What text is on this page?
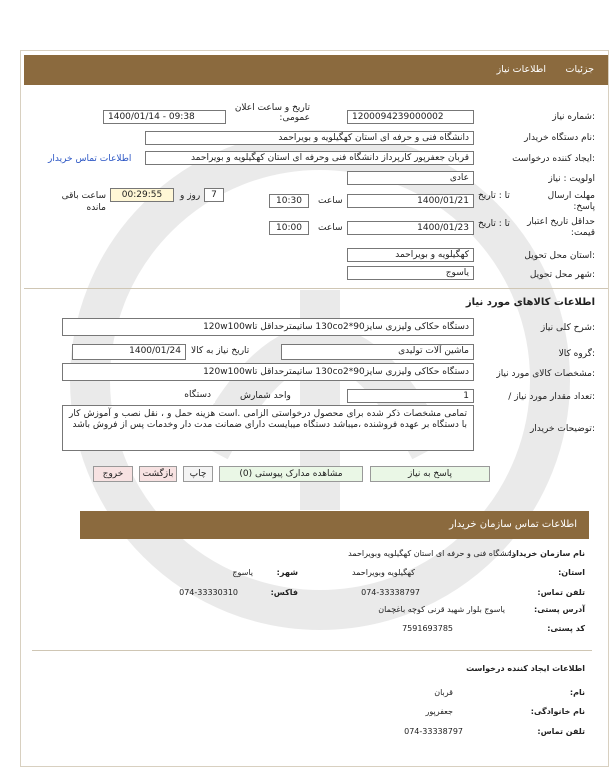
جزئیات
اطلاعات نیاز
شماره نیاز:
1200094239000002
تاریخ و ساعت اعلان عمومی:
1400/01/14 - 09:38
نام دستگاه خریدار:
دانشگاه فنی و حرفه ای استان کهگیلویه و بویراحمد
ایجاد کننده درخواست:
قربان جعفرپور کارپرداز دانشگاه فنی وحرفه ای استان کهگیلویه و بویراحمد
اطلاعات تماس خریدار
اولویت : نیاز
عادی
مهلت ارسال پاسخ:
تا : تاریخ
1400/01/21
ساعت
10:30
7
روز و
00:29:55
ساعت باقی مانده
حداقل تاریخ اعتبار قیمت:
تا : تاریخ
1400/01/23
ساعت
10:00
استان محل تحویل:
کهگیلویه و بویراحمد
شهر محل تحویل:
یاسوج
اطلاعات کالاهای مورد نیاز
شرح کلی نیاز:
دستگاه حکاکی ولیزری سایز130co2*90 ساتیمترحداقل تا120w100w
گروه کالا:
ماشین آلات تولیدی
تاریخ نیاز به کالا
1400/01/24
مشخصات کالای مورد نیاز:
دستگاه حکاکی ولیزری سایز130co2*90 ساتیمترحداقل تا120w100w
/ تعداد مقدار مورد نیاز:
1
واحد شمارش
دستگاه
توضیحات خریدار:
تمامی مشخصات ذکر شده برای محصول درخواستی الزامی .است هزینه حمل و ، نقل نصب و آموزش کار با دستگاه بر عهده فروشنده ،میباشد دستگاه میبایست دارای ضمانت مدت دار وخدمات پس از فروش باشد
پاسخ به نیاز
مشاهده مدارک پیوستی (0)
چاپ
بازگشت
خروج
اطلاعات تماس سازمان خریدار
نام سازمان خریدار:
دانشگاه فنی و حرفه ای استان کهگیلویه وبویراحمد
استان:
کهگیلویه وبویراحمد
شهر:
یاسوج
تلفن تماس:
074-33338797
فاکس:
074-33330310
آدرس پستی:
یاسوج بلوار شهید قرنی کوچه باغچمان
کد پستی:
7591693785
اطلاعات ایجاد کننده درخواست
نام:
قربان
نام خانوادگی:
جعفرپور
تلفن تماس:
074-33338797
